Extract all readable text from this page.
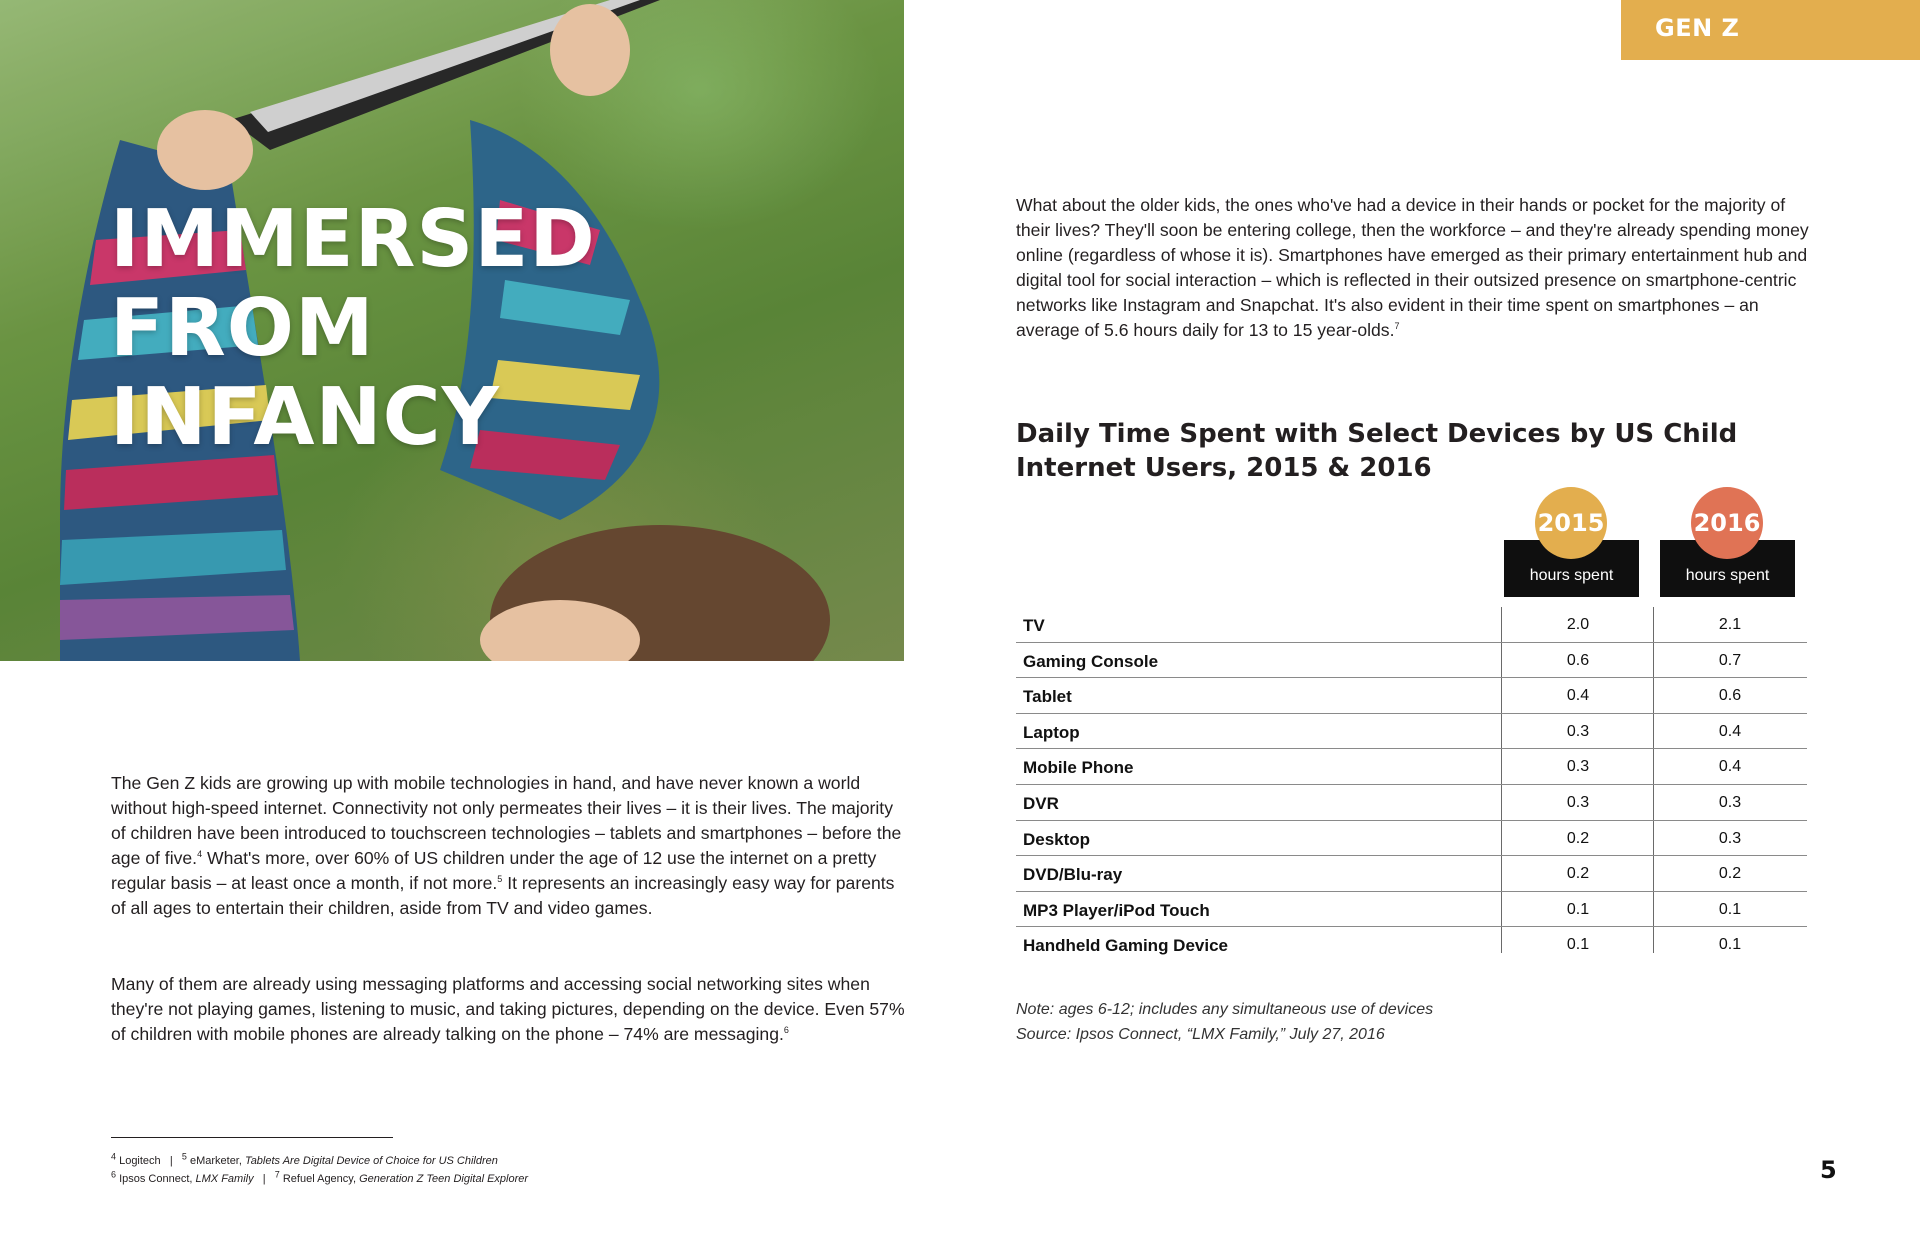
IMMERSED
FROM
INFANCY

GEN Z

What about the older kids, the ones who've had a device in their hands or pocket for the majority of their lives? They'll soon be entering college, then the workforce – and they're already spending money online (regardless of whose it is). Smartphones have emerged as their primary entertainment hub and digital tool for social interaction – which is reflected in their outsized presence on smartphone-centric networks like Instagram and Snapchat. It's also evident in their time spent on smartphones – an average of 5.6 hours daily for 13 to 15 year-olds.$^7$

The Gen Z kids are growing up with mobile technologies in hand, and have never known a world without high-speed internet. Connectivity not only permeates their lives – it is their lives. The majority of children have been introduced to touchscreen technologies – tablets and smartphones – before the age of five.$^4$ What's more, over 60% of US children under the age of 12 use the internet on a pretty regular basis – at least once a month, if not more.$^5$ It represents an increasingly easy way for parents of all ages to entertain their children, aside from TV and video games.

Many of them are already using messaging platforms and accessing social networking sites when they're not playing games, listening to music, and taking pictures, depending on the device. Even 57% of children with mobile phones are already talking on the phone – 74% are messaging.$^6$

Daily Time Spent with Select Devices by US Child Internet Users, 2015 & 2016
hours spent	hours spent
2015	2016
TV	2.0	2.1
Gaming Console	0.6	0.7
Tablet	0.4	0.6
Laptop	0.3	0.4
Mobile Phone	0.3	0.4
DVR	0.3	0.3
Desktop	0.2	0.3
DVD/Blu-ray	0.2	0.2
MP3 Player/iPod Touch	0.1	0.1
Handheld Gaming Device	0.1	0.1

Note: ages 6-12; includes any simultaneous use of devices
Source: Ipsos Connect, “LMX Family,” July 27, 2016

$^4$ Logitech | $^5$ eMarketer, Tablets Are Digital Device of Choice for US Children
$^6$ Ipsos Connect, LMX Family | $^7$ Refuel Agency, Generation Z Teen Digital Explorer	5
